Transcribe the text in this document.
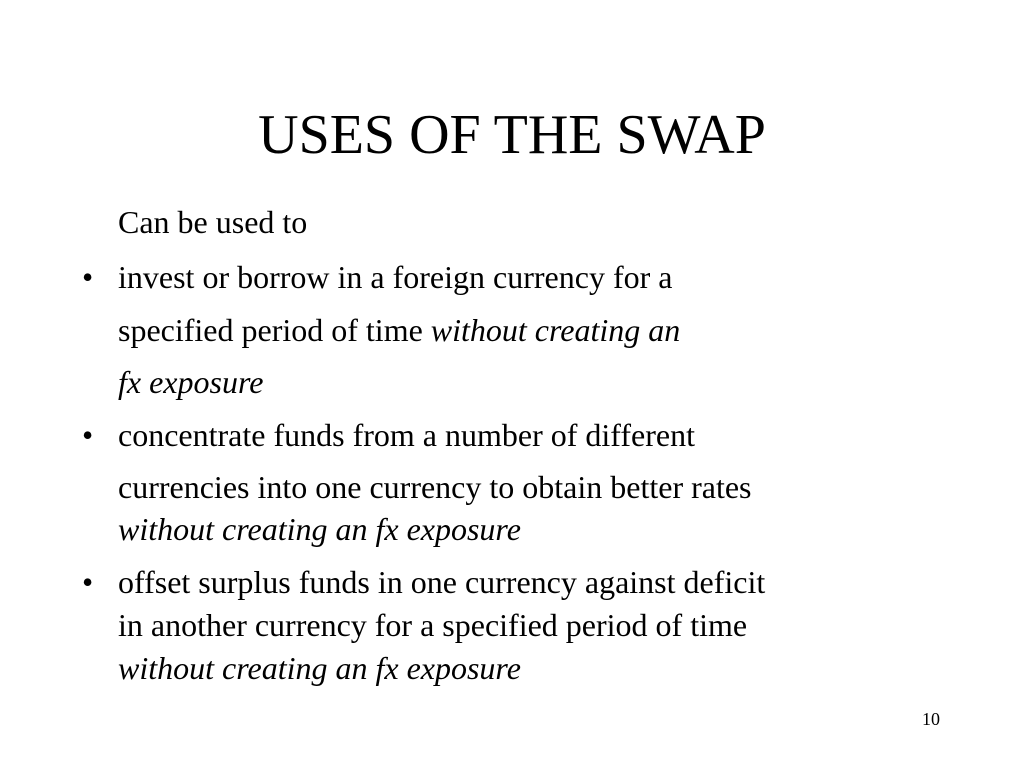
USES OF THE SWAP
Can be used to
• invest or borrow in a foreign currency for a
specified period of time without creating an
fx exposure
• concentrate funds from a number of different
currencies into one currency to obtain better rates
without creating an fx exposure
• offset surplus funds in one currency against deficit
in another currency for a specified period of time
without creating an fx exposure
10
